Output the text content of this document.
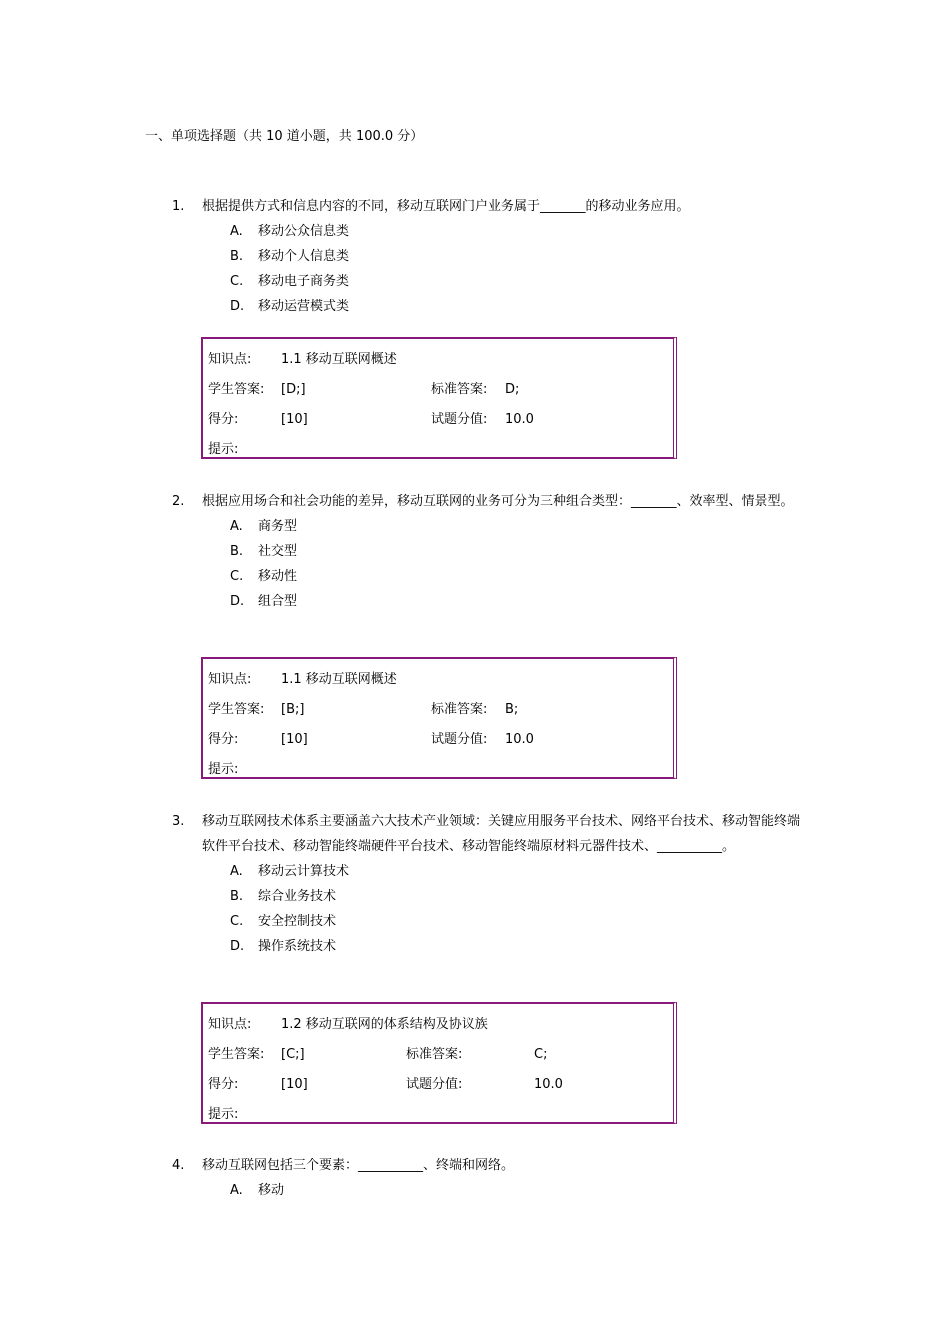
一、单项选择题（共 10 道小题，共 100.0 分）
1.	根据提供方式和信息内容的不同，移动互联网门户业务属于_______的移动业务应用。
A.	移动公众信息类
B.	移动个人信息类
C.	移动电子商务类
D.	移动运营模式类
知识点: 1.1 移动互联网概述
学生答案: [D;]	标准答案: D;
得分:	[10]	试题分值: 10.0
提示:
2.	根据应用场合和社会功能的差异，移动互联网的业务可分为三种组合类型：_______、效率型、情景型。
A.	商务型
B.	社交型
C.	移动性
D.	组合型
知识点: 1.1 移动互联网概述
学生答案: [B;]	标准答案: B;
得分:	[10]	试题分值: 10.0
提示:
3.	移动互联网技术体系主要涵盖六大技术产业领域：关键应用服务平台技术、网络平台技术、移动智能终端软件平台技术、移动智能终端硬件平台技术、移动智能终端原材料元器件技术、__________。
A.	移动云计算技术
B.	综合业务技术
C.	安全控制技术
D.	操作系统技术
知识点: 1.2 移动互联网的体系结构及协议族
学生答案: [C;]	标准答案:	C;
得分:	[10]	试题分值:	10.0
提示:
4.	移动互联网包括三个要素：__________、终端和网络。
A.	移动
